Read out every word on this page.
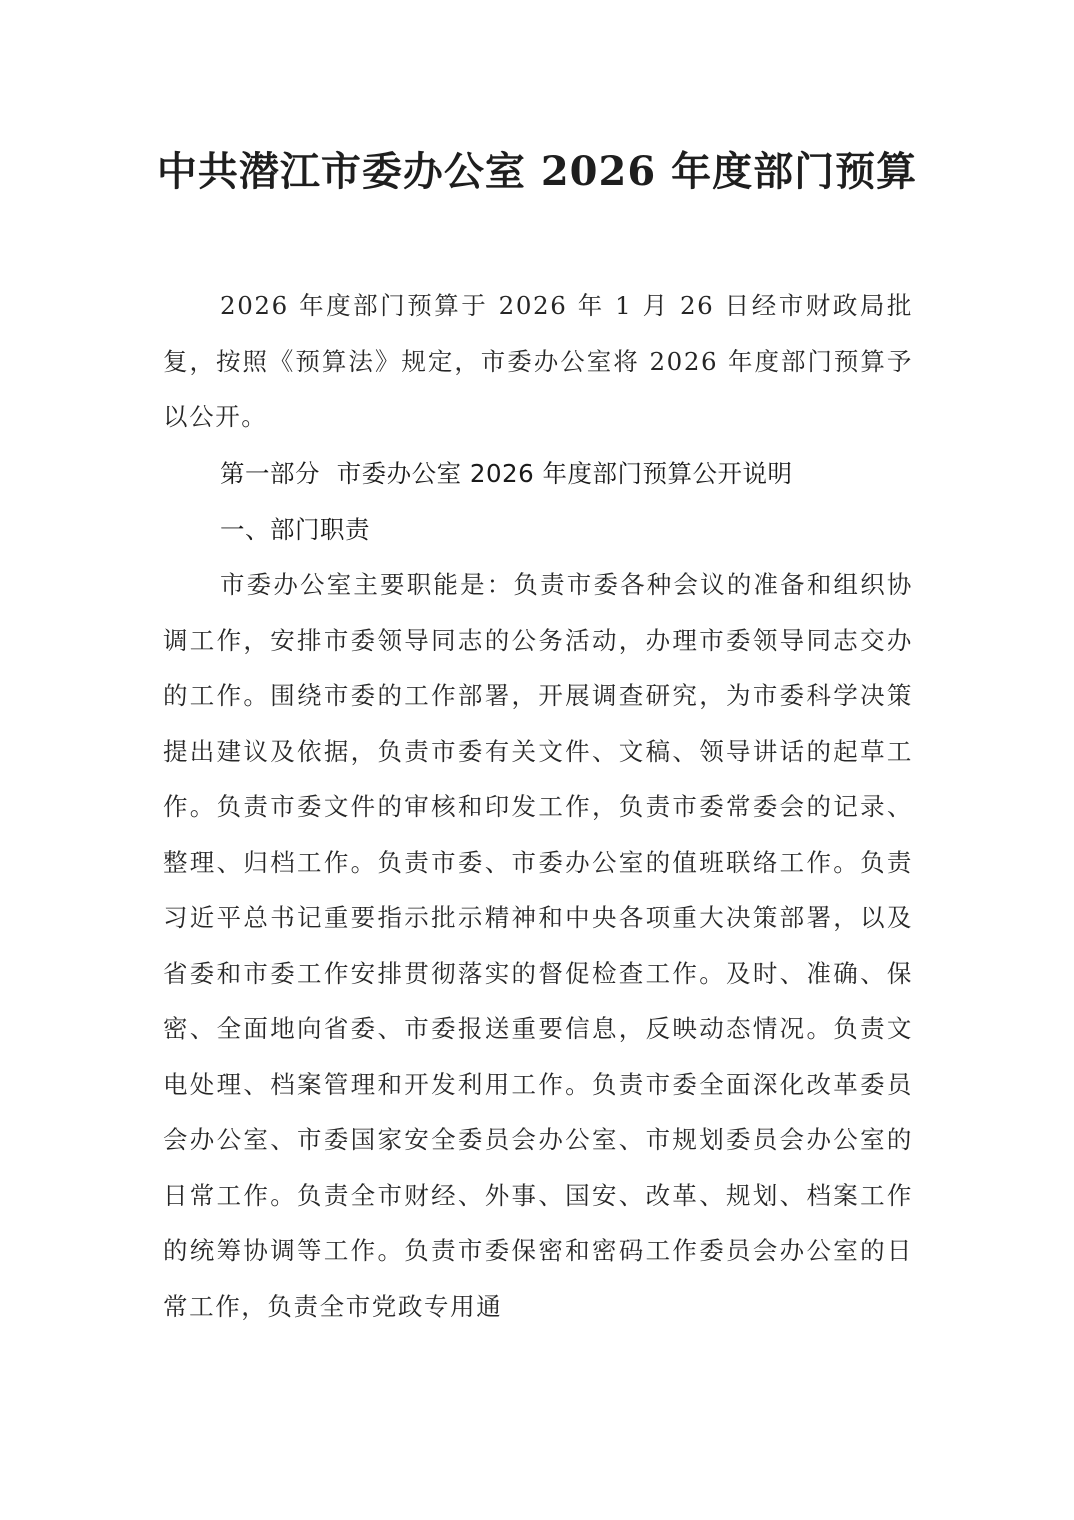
中共潜江市委办公室 2026 年度部门预算

2026 年度部门预算于 2026 年 1 月 26 日经市财政局批复，按照《预算法》规定，市委办公室将 2026 年度部门预算予以公开。

第一部分  市委办公室 2026 年度部门预算公开说明

一、部门职责

市委办公室主要职能是：负责市委各种会议的准备和组织协调工作，安排市委领导同志的公务活动，办理市委领导同志交办的工作。围绕市委的工作部署，开展调查研究，为市委科学决策提出建议及依据，负责市委有关文件、文稿、领导讲话的起草工作。负责市委文件的审核和印发工作，负责市委常委会的记录、整理、归档工作。负责市委、市委办公室的值班联络工作。负责习近平总书记重要指示批示精神和中央各项重大决策部署，以及省委和市委工作安排贯彻落实的督促检查工作。及时、准确、保密、全面地向省委、市委报送重要信息，反映动态情况。负责文电处理、档案管理和开发利用工作。负责市委全面深化改革委员会办公室、市委国家安全委员会办公室、市规划委员会办公室的日常工作。负责全市财经、外事、国安、改革、规划、档案工作的统筹协调等工作。负责市委保密和密码工作委员会办公室的日常工作，负责全市党政专用通
